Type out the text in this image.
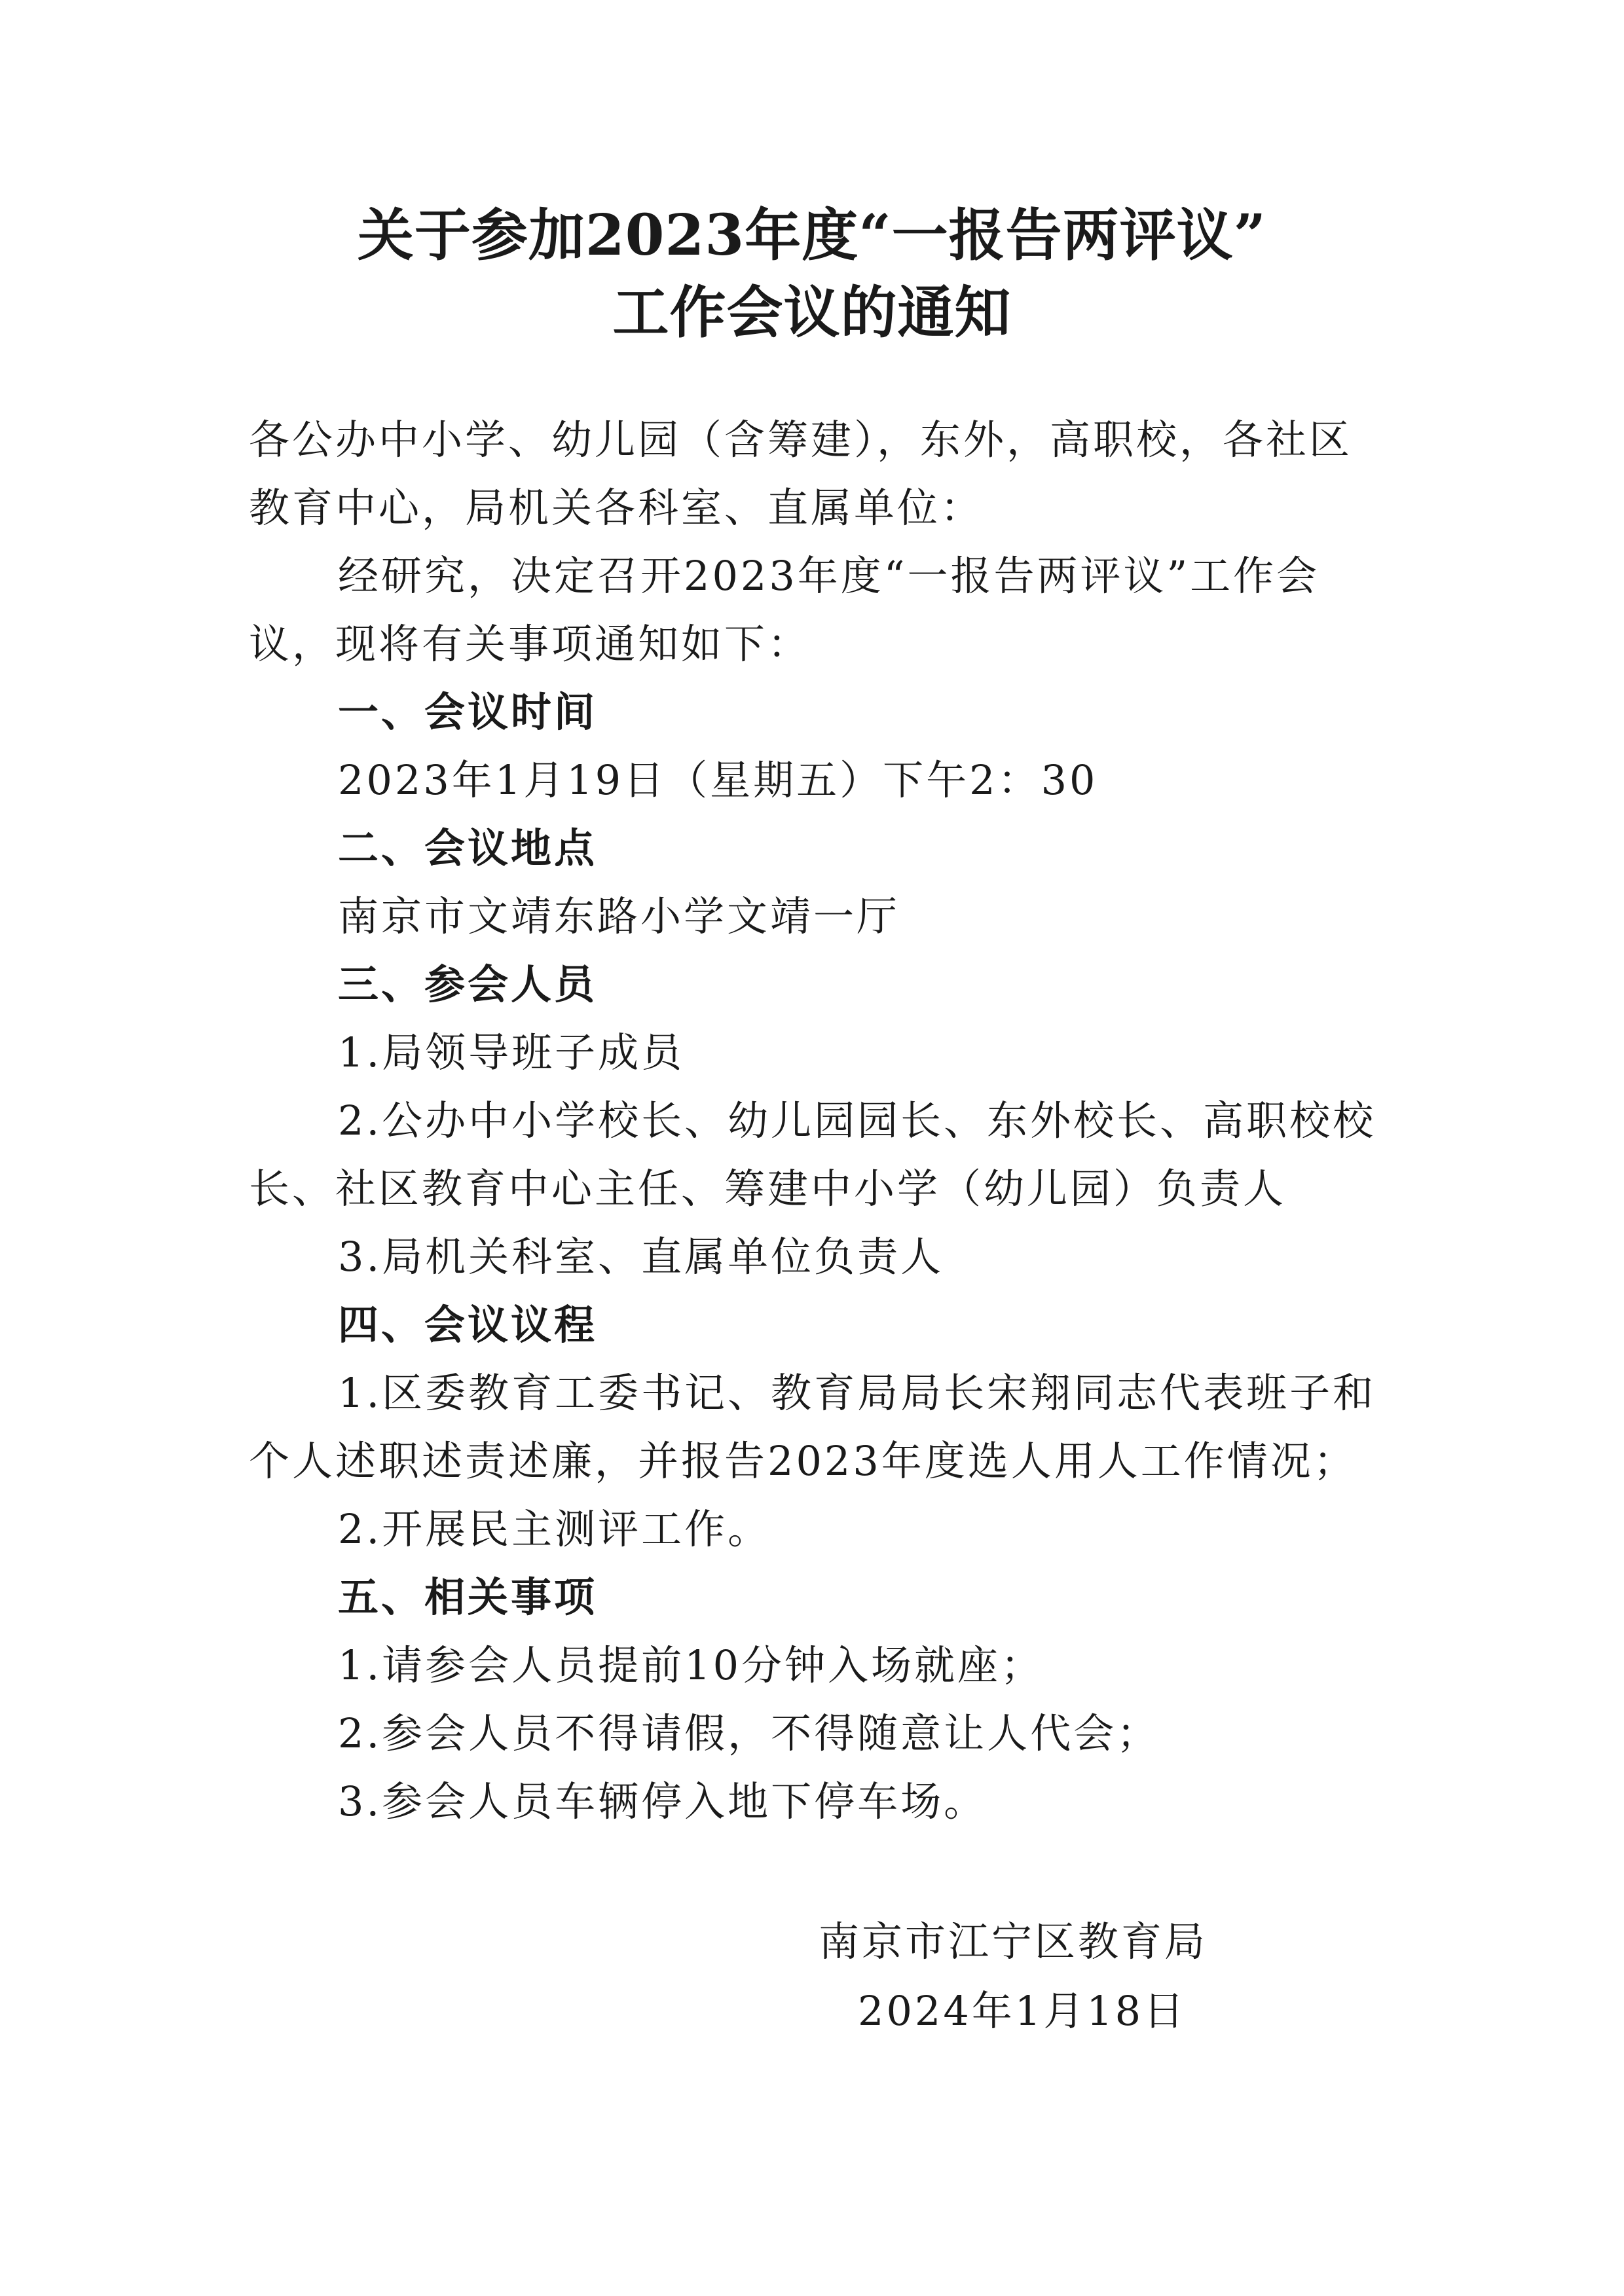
关于参加2023年度“一报告两评议”
工作会议的通知

各公办中小学、幼儿园（含筹建），东外，高职校，各社区教育中心，局机关各科室、直属单位：

经研究，决定召开2023年度“一报告两评议”工作会议，现将有关事项通知如下：

一、会议时间

2023年1月19日（星期五）下午2：30

二、会议地点

南京市文靖东路小学文靖一厅

三、参会人员

1.局领导班子成员

2.公办中小学校长、幼儿园园长、东外校长、高职校校长、社区教育中心主任、筹建中小学（幼儿园）负责人

3.局机关科室、直属单位负责人

四、会议议程

1.区委教育工委书记、教育局局长宋翔同志代表班子和个人述职述责述廉，并报告2023年度选人用人工作情况；

2.开展民主测评工作。

五、相关事项

1.请参会人员提前10分钟入场就座；

2.参会人员不得请假，不得随意让人代会；

3.参会人员车辆停入地下停车场。

南京市江宁区教育局
2024年1月18日
